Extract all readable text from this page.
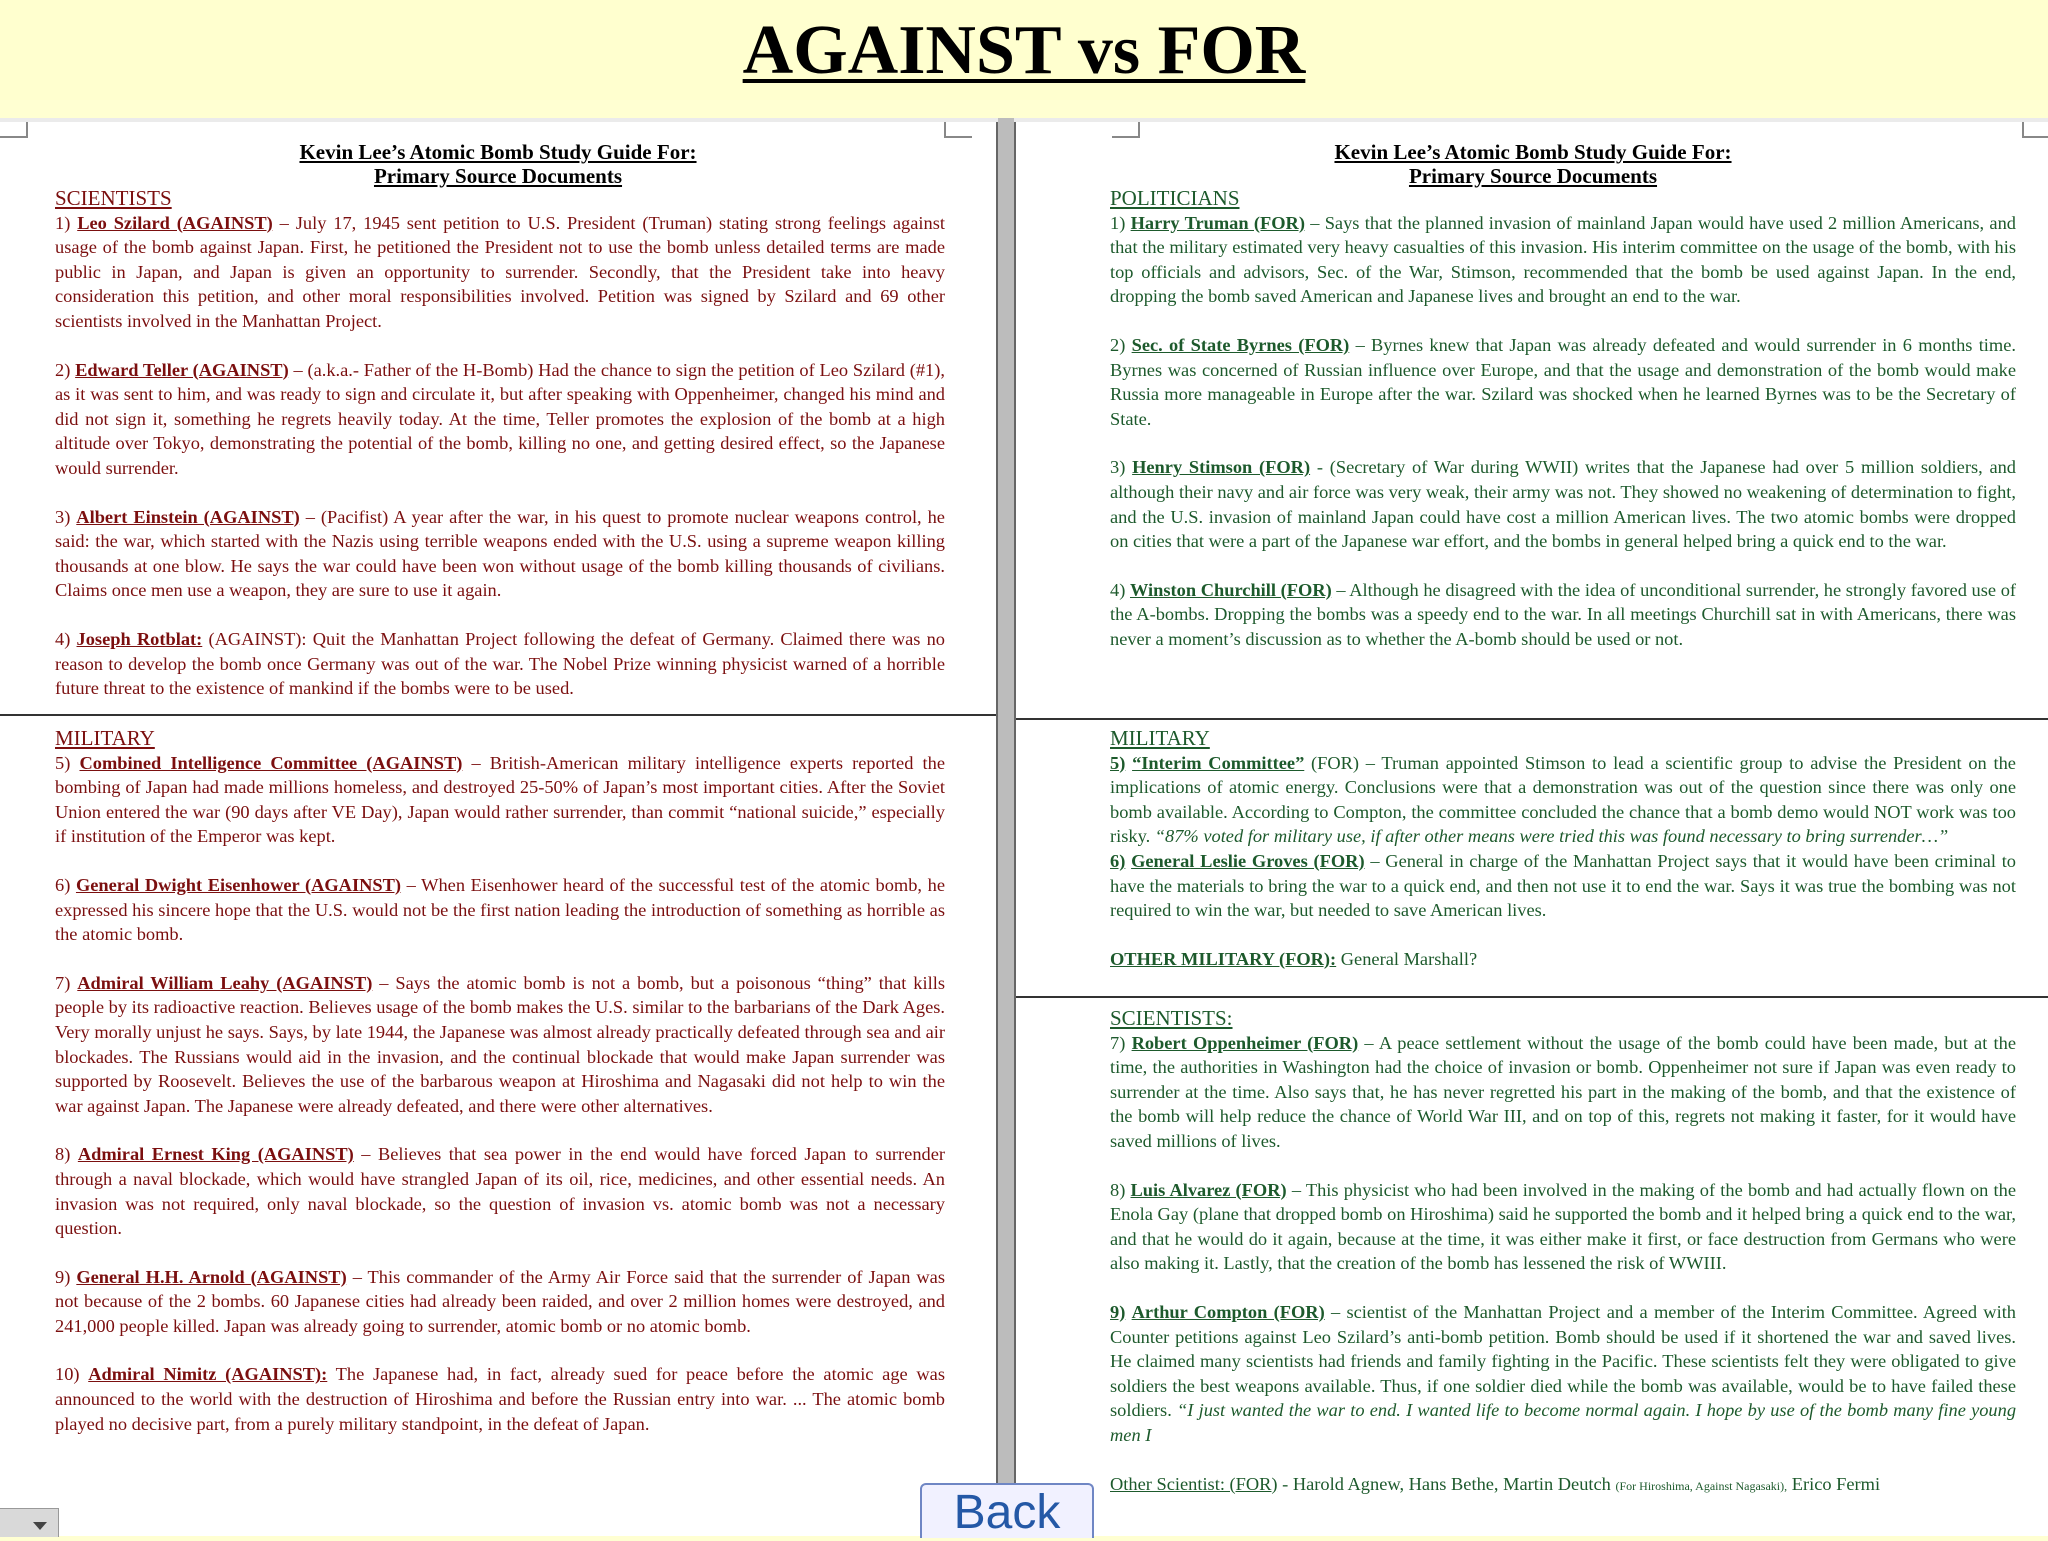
AGAINST vs FOR
Kevin Lee’s Atomic Bomb Study Guide For:
Primary Source Documents
SCIENTISTS
1) Leo Szilard (AGAINST) – July 17, 1945 sent petition to U.S. President (Truman) stating strong feelings against usage of the bomb against Japan. First, he petitioned the President not to use the bomb unless detailed terms are made public in Japan, and Japan is given an opportunity to surrender. Secondly, that the President take into heavy consideration this petition, and other moral responsibilities involved. Petition was signed by Szilard and 69 other scientists involved in the Manhattan Project.
2) Edward Teller (AGAINST) – (a.k.a.- Father of the H-Bomb) Had the chance to sign the petition of Leo Szilard (#1), as it was sent to him, and was ready to sign and circulate it, but after speaking with Oppenheimer, changed his mind and did not sign it, something he regrets heavily today. At the time, Teller promotes the explosion of the bomb at a high altitude over Tokyo, demonstrating the potential of the bomb, killing no one, and getting desired effect, so the Japanese would surrender.
3) Albert Einstein (AGAINST) – (Pacifist) A year after the war, in his quest to promote nuclear weapons control, he said: the war, which started with the Nazis using terrible weapons ended with the U.S. using a supreme weapon killing thousands at one blow. He says the war could have been won without usage of the bomb killing thousands of civilians. Claims once men use a weapon, they are sure to use it again.
4) Joseph Rotblat: (AGAINST): Quit the Manhattan Project following the defeat of Germany. Claimed there was no reason to develop the bomb once Germany was out of the war. The Nobel Prize winning physicist warned of a horrible future threat to the existence of mankind if the bombs were to be used.
MILITARY
5) Combined Intelligence Committee (AGAINST) – British-American military intelligence experts reported the bombing of Japan had made millions homeless, and destroyed 25-50% of Japan’s most important cities. After the Soviet Union entered the war (90 days after VE Day), Japan would rather surrender, than commit “national suicide,” especially if institution of the Emperor was kept.
6) General Dwight Eisenhower (AGAINST) – When Eisenhower heard of the successful test of the atomic bomb, he expressed his sincere hope that the U.S. would not be the first nation leading the introduction of something as horrible as the atomic bomb.
7) Admiral William Leahy (AGAINST) – Says the atomic bomb is not a bomb, but a poisonous “thing” that kills people by its radioactive reaction. Believes usage of the bomb makes the U.S. similar to the barbarians of the Dark Ages. Very morally unjust he says. Says, by late 1944, the Japanese was almost already practically defeated through sea and air blockades. The Russians would aid in the invasion, and the continual blockade that would make Japan surrender was supported by Roosevelt. Believes the use of the barbarous weapon at Hiroshima and Nagasaki did not help to win the war against Japan. The Japanese were already defeated, and there were other alternatives.
8) Admiral Ernest King (AGAINST) – Believes that sea power in the end would have forced Japan to surrender through a naval blockade, which would have strangled Japan of its oil, rice, medicines, and other essential needs. An invasion was not required, only naval blockade, so the question of invasion vs. atomic bomb was not a necessary question.
9) General H.H. Arnold (AGAINST) – This commander of the Army Air Force said that the surrender of Japan was not because of the 2 bombs. 60 Japanese cities had already been raided, and over 2 million homes were destroyed, and 241,000 people killed. Japan was already going to surrender, atomic bomb or no atomic bomb.
10) Admiral Nimitz (AGAINST): The Japanese had, in fact, already sued for peace before the atomic age was announced to the world with the destruction of Hiroshima and before the Russian entry into war. ... The atomic bomb played no decisive part, from a purely military standpoint, in the defeat of Japan.
Kevin Lee’s Atomic Bomb Study Guide For:
Primary Source Documents
POLITICIANS
1) Harry Truman (FOR) – Says that the planned invasion of mainland Japan would have used 2 million Americans, and that the military estimated very heavy casualties of this invasion. His interim committee on the usage of the bomb, with his top officials and advisors, Sec. of the War, Stimson, recommended that the bomb be used against Japan. In the end, dropping the bomb saved American and Japanese lives and brought an end to the war.
2) Sec. of State Byrnes (FOR) – Byrnes knew that Japan was already defeated and would surrender in 6 months time. Byrnes was concerned of Russian influence over Europe, and that the usage and demonstration of the bomb would make Russia more manageable in Europe after the war. Szilard was shocked when he learned Byrnes was to be the Secretary of State.
3) Henry Stimson (FOR) - (Secretary of War during WWII) writes that the Japanese had over 5 million soldiers, and although their navy and air force was very weak, their army was not. They showed no weakening of determination to fight, and the U.S. invasion of mainland Japan could have cost a million American lives. The two atomic bombs were dropped on cities that were a part of the Japanese war effort, and the bombs in general helped bring a quick end to the war.
4) Winston Churchill (FOR) – Although he disagreed with the idea of unconditional surrender, he strongly favored use of the A-bombs. Dropping the bombs was a speedy end to the war. In all meetings Churchill sat in with Americans, there was never a moment’s discussion as to whether the A-bomb should be used or not.
MILITARY
5) “Interim Committee” (FOR) – Truman appointed Stimson to lead a scientific group to advise the President on the implications of atomic energy. Conclusions were that a demonstration was out of the question since there was only one bomb available. According to Compton, the committee concluded the chance that a bomb demo would NOT work was too risky. “87% voted for military use, if after other means were tried this was found necessary to bring surrender…”
6) General Leslie Groves (FOR) – General in charge of the Manhattan Project says that it would have been criminal to have the materials to bring the war to a quick end, and then not use it to end the war. Says it was true the bombing was not required to win the war, but needed to save American lives.
OTHER MILITARY (FOR): General Marshall?
SCIENTISTS:
7) Robert Oppenheimer (FOR) – A peace settlement without the usage of the bomb could have been made, but at the time, the authorities in Washington had the choice of invasion or bomb. Oppenheimer not sure if Japan was even ready to surrender at the time. Also says that, he has never regretted his part in the making of the bomb, and that the existence of the bomb will help reduce the chance of World War III, and on top of this, regrets not making it faster, for it would have saved millions of lives.
8) Luis Alvarez (FOR) – This physicist who had been involved in the making of the bomb and had actually flown on the Enola Gay (plane that dropped bomb on Hiroshima) said he supported the bomb and it helped bring a quick end to the war, and that he would do it again, because at the time, it was either make it first, or face destruction from Germans who were also making it. Lastly, that the creation of the bomb has lessened the risk of WWIII.
9) Arthur Compton (FOR) – scientist of the Manhattan Project and a member of the Interim Committee. Agreed with Counter petitions against Leo Szilard’s anti-bomb petition. Bomb should be used if it shortened the war and saved lives. He claimed many scientists had friends and family fighting in the Pacific. These scientists felt they were obligated to give soldiers the best weapons available. Thus, if one soldier died while the bomb was available, would be to have failed these soldiers. “I just wanted the war to end. I wanted life to become normal again. I hope by use of the bomb many fine young men I
Other Scientist: (FOR) - Harold Agnew, Hans Bethe, Martin Deutch (For Hiroshima, Against Nagasaki), Erico Fermi
Back
